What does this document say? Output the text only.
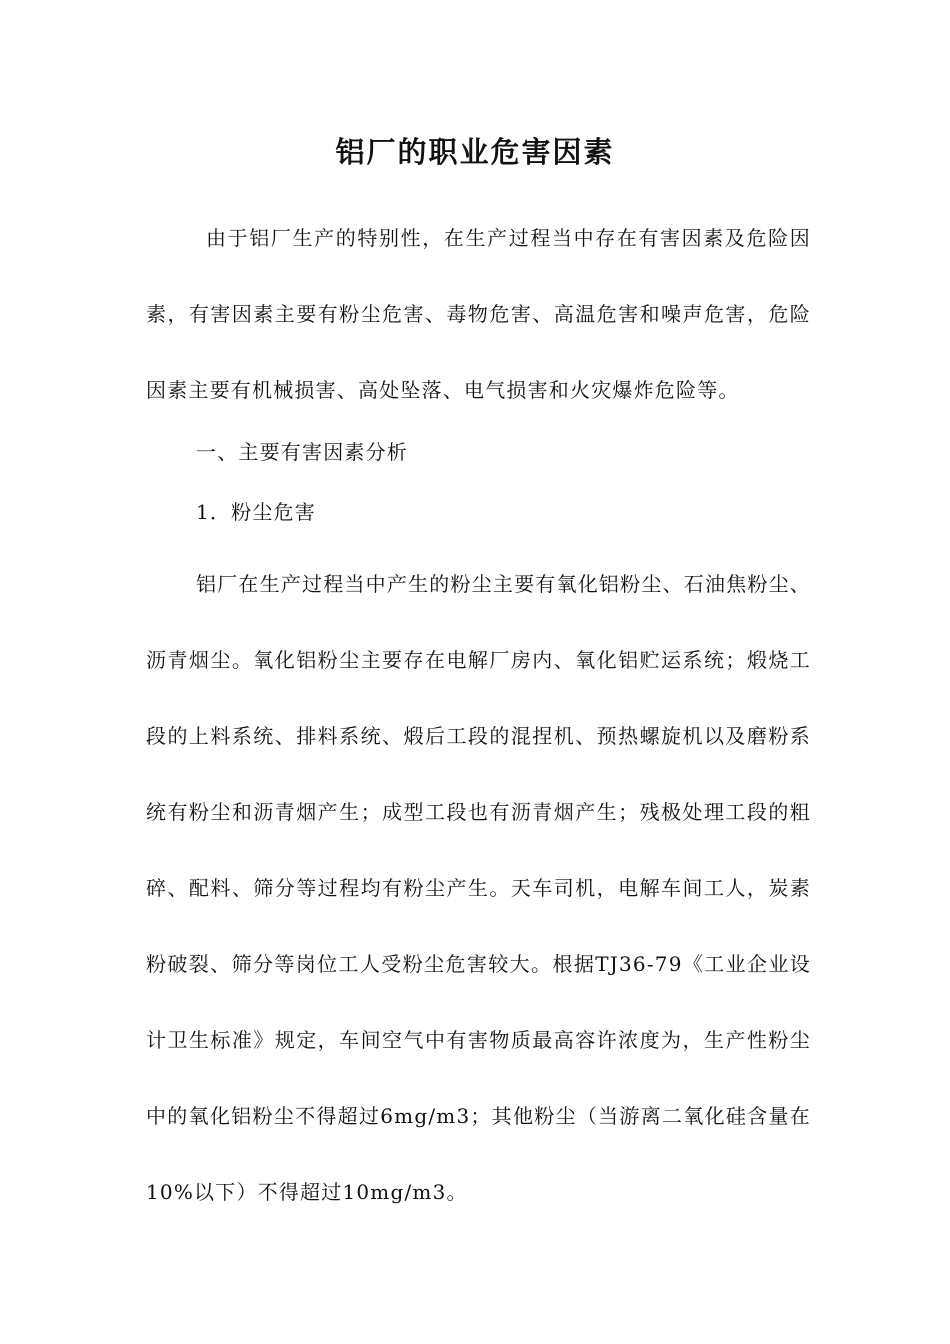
铝厂的职业危害因素

由于铝厂生产的特别性，在生产过程当中存在有害因素及危险因素，有害因素主要有粉尘危害、毒物危害、高温危害和噪声危害，危险因素主要有机械损害、高处坠落、电气损害和火灾爆炸危险等。

一、主要有害因素分析

1．粉尘危害

铝厂在生产过程当中产生的粉尘主要有氧化铝粉尘、石油焦粉尘、沥青烟尘。氧化铝粉尘主要存在电解厂房内、氧化铝贮运系统；煅烧工段的上料系统、排料系统、煅后工段的混捏机、预热螺旋机以及磨粉系统有粉尘和沥青烟产生；成型工段也有沥青烟产生；残极处理工段的粗碎、配料、筛分等过程均有粉尘产生。天车司机，电解车间工人，炭素粉破裂、筛分等岗位工人受粉尘危害较大。根据TJ36-79《工业企业设计卫生标准》规定，车间空气中有害物质最高容许浓度为，生产性粉尘中的氧化铝粉尘不得超过6mg/m3；其他粉尘（当游离二氧化硅含量在10%以下）不得超过10mg/m3。
